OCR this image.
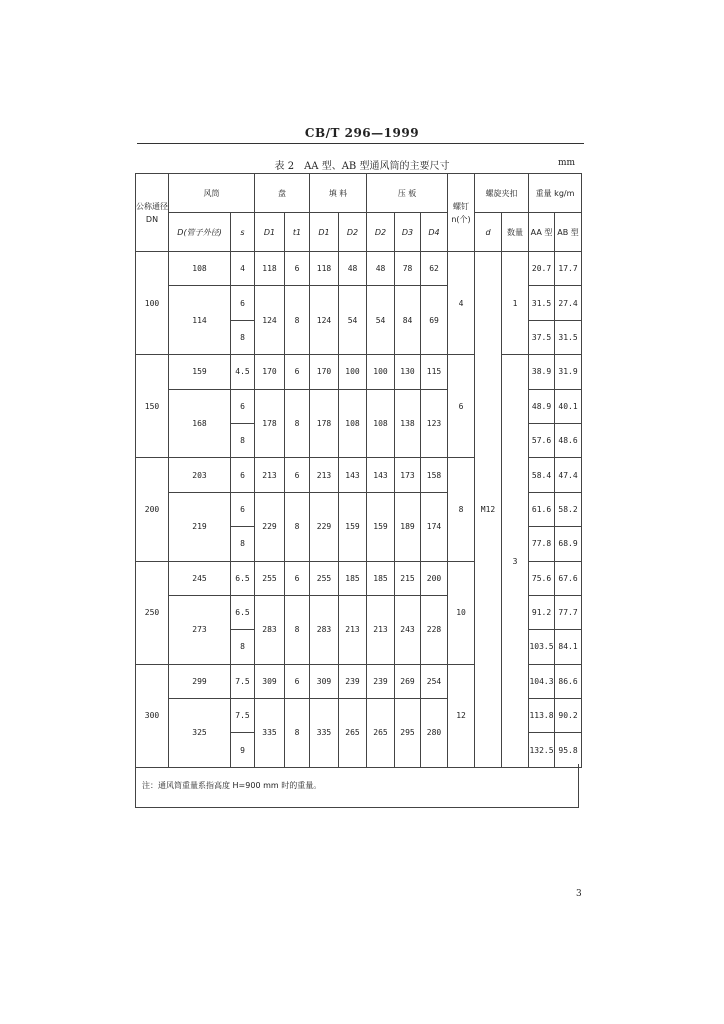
CB/T 296—1999
表 2　AA 型、AB 型通风筒的主要尺寸	mm
公称通径 DN	风筒		盘		填 料		压 板			螺钉 n(个)	螺旋夹扣		重量 kg/m	
	D(管子外径)	s	D1	t1	D1	D2	D2	D3	D4		d	数量	AA 型	AB 型
100	108	4	118	6	118	48	48	78	62	4	M12	1	20.7	17.7
	114	6	124	8	124	54	54	84	69				31.5	27.4
		8											37.5	31.5
150	159	4.5	170	6	170	100	100	130	115	6		3	38.9	31.9
	168	6	178	8	178	108	108	138	123				48.9	40.1
		8											57.6	48.6
200	203	6	213	6	213	143	143	173	158	8			58.4	47.4
	219	6	229	8	229	159	159	189	174				61.6	58.2
		8											77.8	68.9
250	245	6.5	255	6	255	185	185	215	200	10			75.6	67.6
	273	6.5	283	8	283	213	213	243	228				91.2	77.7
		8											103.5	84.1
300	299	7.5	309	6	309	239	239	269	254	12			104.3	86.6
	325	7.5	335	8	335	265	265	295	280				113.8	90.2
		9											132.5	95.8
注：通风筒重量系指高度 H=900 mm 时的重量。
3
